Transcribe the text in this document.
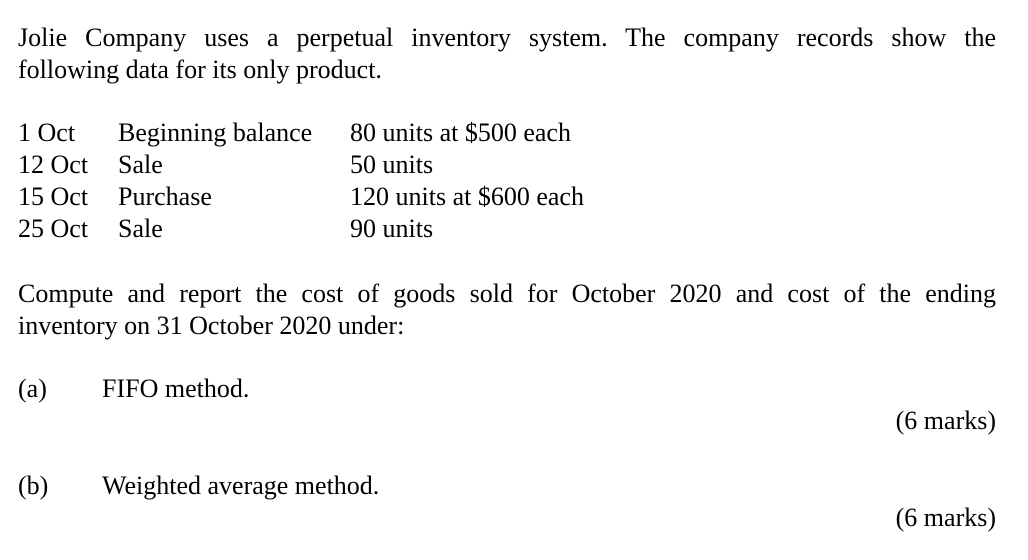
Jolie Company uses a perpetual inventory system. The company records show the
following data for its only product.
1 Oct	Beginning balance	80 units at $500 each
12 Oct	Sale	50 units
15 Oct	Purchase	120 units at $600 each
25 Oct	Sale	90 units
Compute and report the cost of goods sold for October 2020 and cost of the ending
inventory on 31 October 2020 under:
(a) FIFO method.
(6 marks)
(b) Weighted average method.
(6 marks)
